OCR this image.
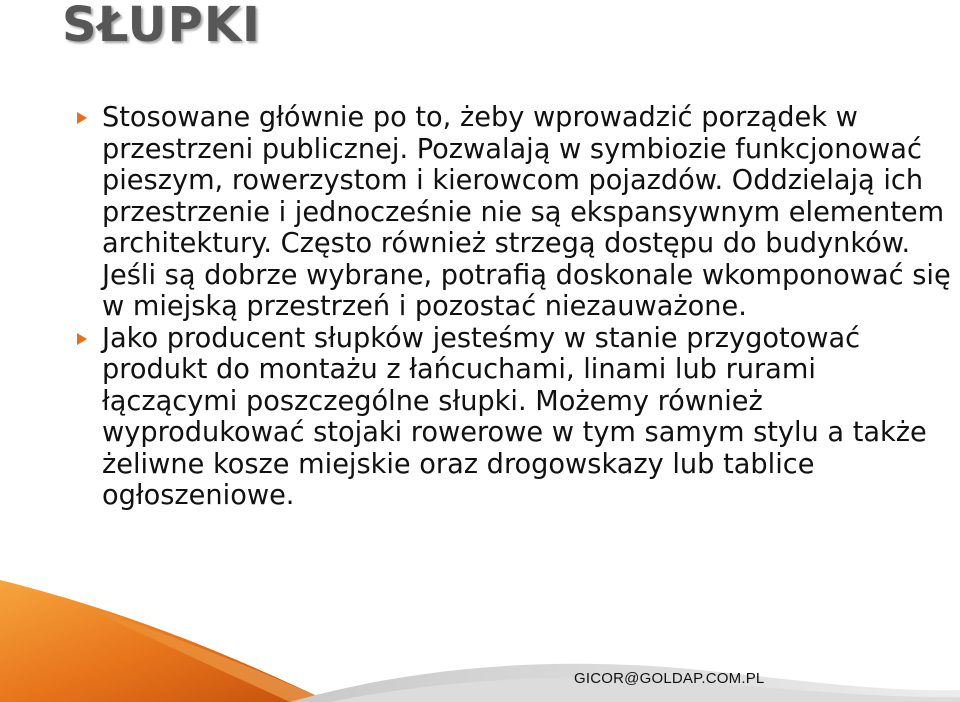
SŁUPKI
Stosowane głównie po to, żeby wprowadzić porządek w przestrzeni publicznej. Pozwalają w symbiozie funkcjonować pieszym, rowerzystom i kierowcom pojazdów. Oddzielają ich przestrzenie i jednocześnie nie są ekspansywnym elementem architektury. Często również strzegą dostępu do budynków. Jeśli są dobrze wybrane, potrafią doskonale wkomponować się w miejską przestrzeń i pozostać niezauważone.
Jako producent słupków jesteśmy w stanie przygotować produkt do montażu z łańcuchami, linami lub rurami łączącymi poszczególne słupki. Możemy również wyprodukować stojaki rowerowe w tym samym stylu a także żeliwne kosze miejskie oraz drogowskazy lub tablice ogłoszeniowe.
GICOR@GOLDAP.COM.PL
